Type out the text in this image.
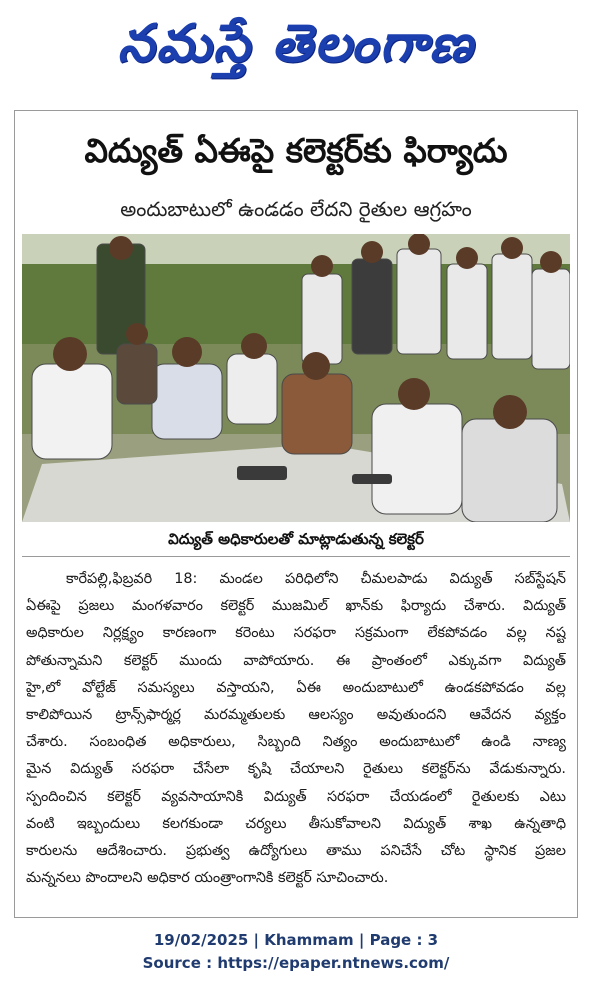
నమస్తే తెలంగాణ
విద్యుత్ ఏఈపై కలెక్టర్‌కు ఫిర్యాదు
అందుబాటులో ఉండడం లేదని రైతుల ఆగ్రహం
విద్యుత్ అధికారులతో మాట్లాడుతున్న కలెక్టర్
కారేపల్లి,ఫిబ్రవరి 18: మండల పరిధిలోని చీమలపాడు విద్యుత్ సబ్‌స్టేషన్
ఏఈపై ప్రజలు మంగళవారం కలెక్టర్ ముజమిల్ ఖాన్‌కు ఫిర్యాదు చేశారు. విద్యుత్
అధికారుల నిర్లక్ష్యం కారణంగా కరెంటు సరఫరా సక్రమంగా లేకపోవడం వల్ల నష్ట
పోతున్నామని కలెక్టర్ ముందు వాపోయారు. ఈ ప్రాంతంలో ఎక్కువగా విద్యుత్
హై,లో వోల్టేజ్ సమస్యలు వస్తాయని, ఏఈ అందుబాటులో ఉండకపోవడం వల్ల
కాలిపోయిన ట్రాన్స్‌ఫార్మర్ల మరమ్మతులకు ఆలస్యం అవుతుందని ఆవేదన వ్యక్తం
చేశారు. సంబంధిత అధికారులు, సిబ్బంది నిత్యం అందుబాటులో ఉండి నాణ్య
మైన విద్యుత్ సరఫరా చేసేలా కృషి చేయాలని రైతులు కలెక్టర్‌ను వేడుకున్నారు.
స్పందించిన కలెక్టర్ వ్యవసాయానికి విద్యుత్ సరఫరా చేయడంలో రైతులకు ఎటు
వంటి ఇబ్బందులు కలగకుండా చర్యలు తీసుకోవాలని విద్యుత్ శాఖ ఉన్నతాధి
కారులను ఆదేశించారు. ప్రభుత్వ ఉద్యోగులు తాము పనిచేసే చోట స్థానిక ప్రజల
మన్ననలు పొందాలని అధికార యంత్రాంగానికి కలెక్టర్ సూచించారు.
19/02/2025 | Khammam | Page : 3
Source : https://epaper.ntnews.com/
